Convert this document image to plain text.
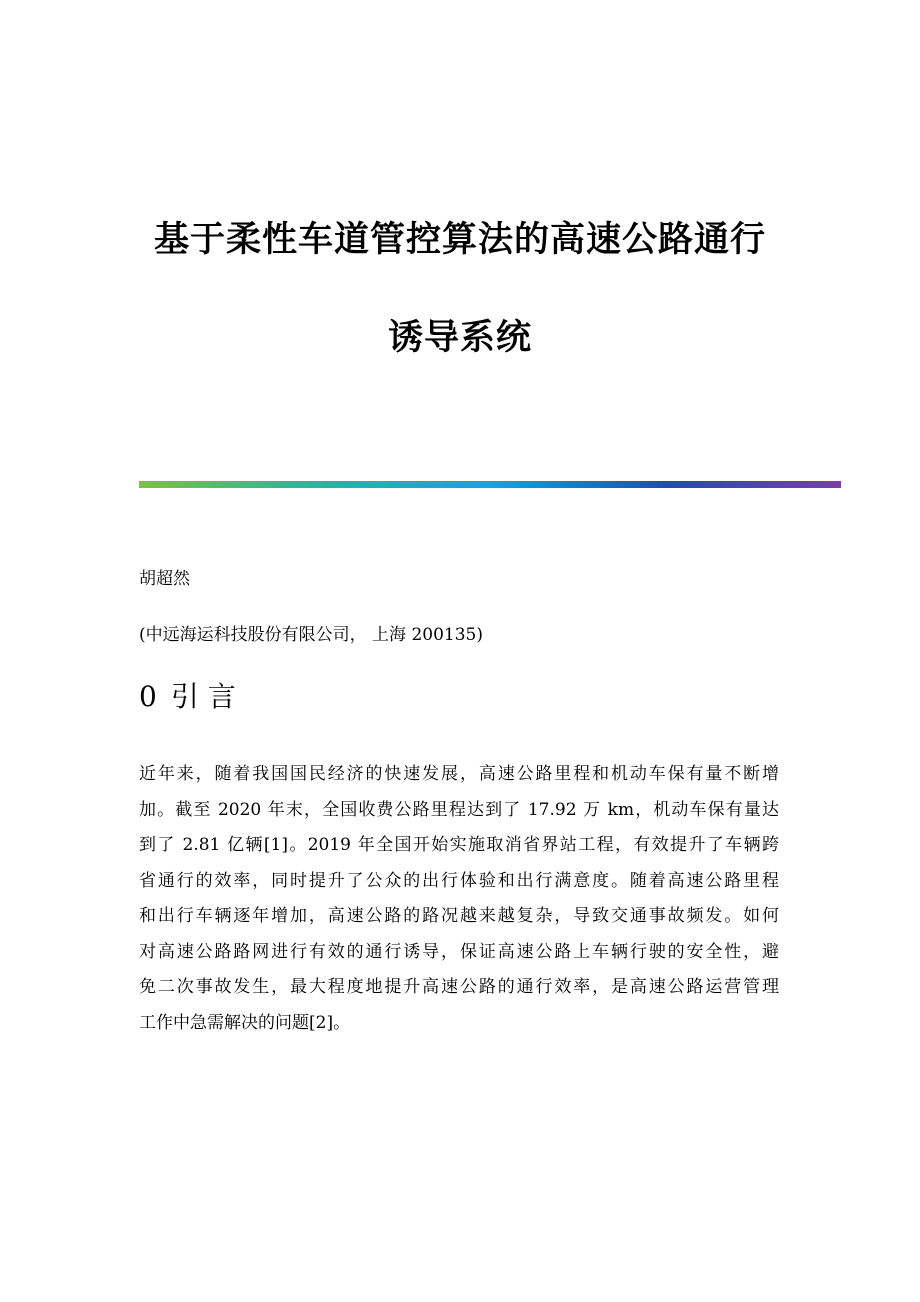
基于柔性车道管控算法的高速公路通行
诱导系统
胡超然
(中远海运科技股份有限公司， 上海 200135)
0 引 言
近年来，随着我国国民经济的快速发展，高速公路里程和机动车保有量不断增
加。截至 2020 年末，全国收费公路里程达到了 17.92 万 km，机动车保有量达
到了 2.81 亿辆[1]。2019 年全国开始实施取消省界站工程，有效提升了车辆跨
省通行的效率，同时提升了公众的出行体验和出行满意度。随着高速公路里程
和出行车辆逐年增加，高速公路的路况越来越复杂，导致交通事故频发。如何
对高速公路路网进行有效的通行诱导，保证高速公路上车辆行驶的安全性，避
免二次事故发生，最大程度地提升高速公路的通行效率，是高速公路运营管理
工作中急需解决的问题[2]。
